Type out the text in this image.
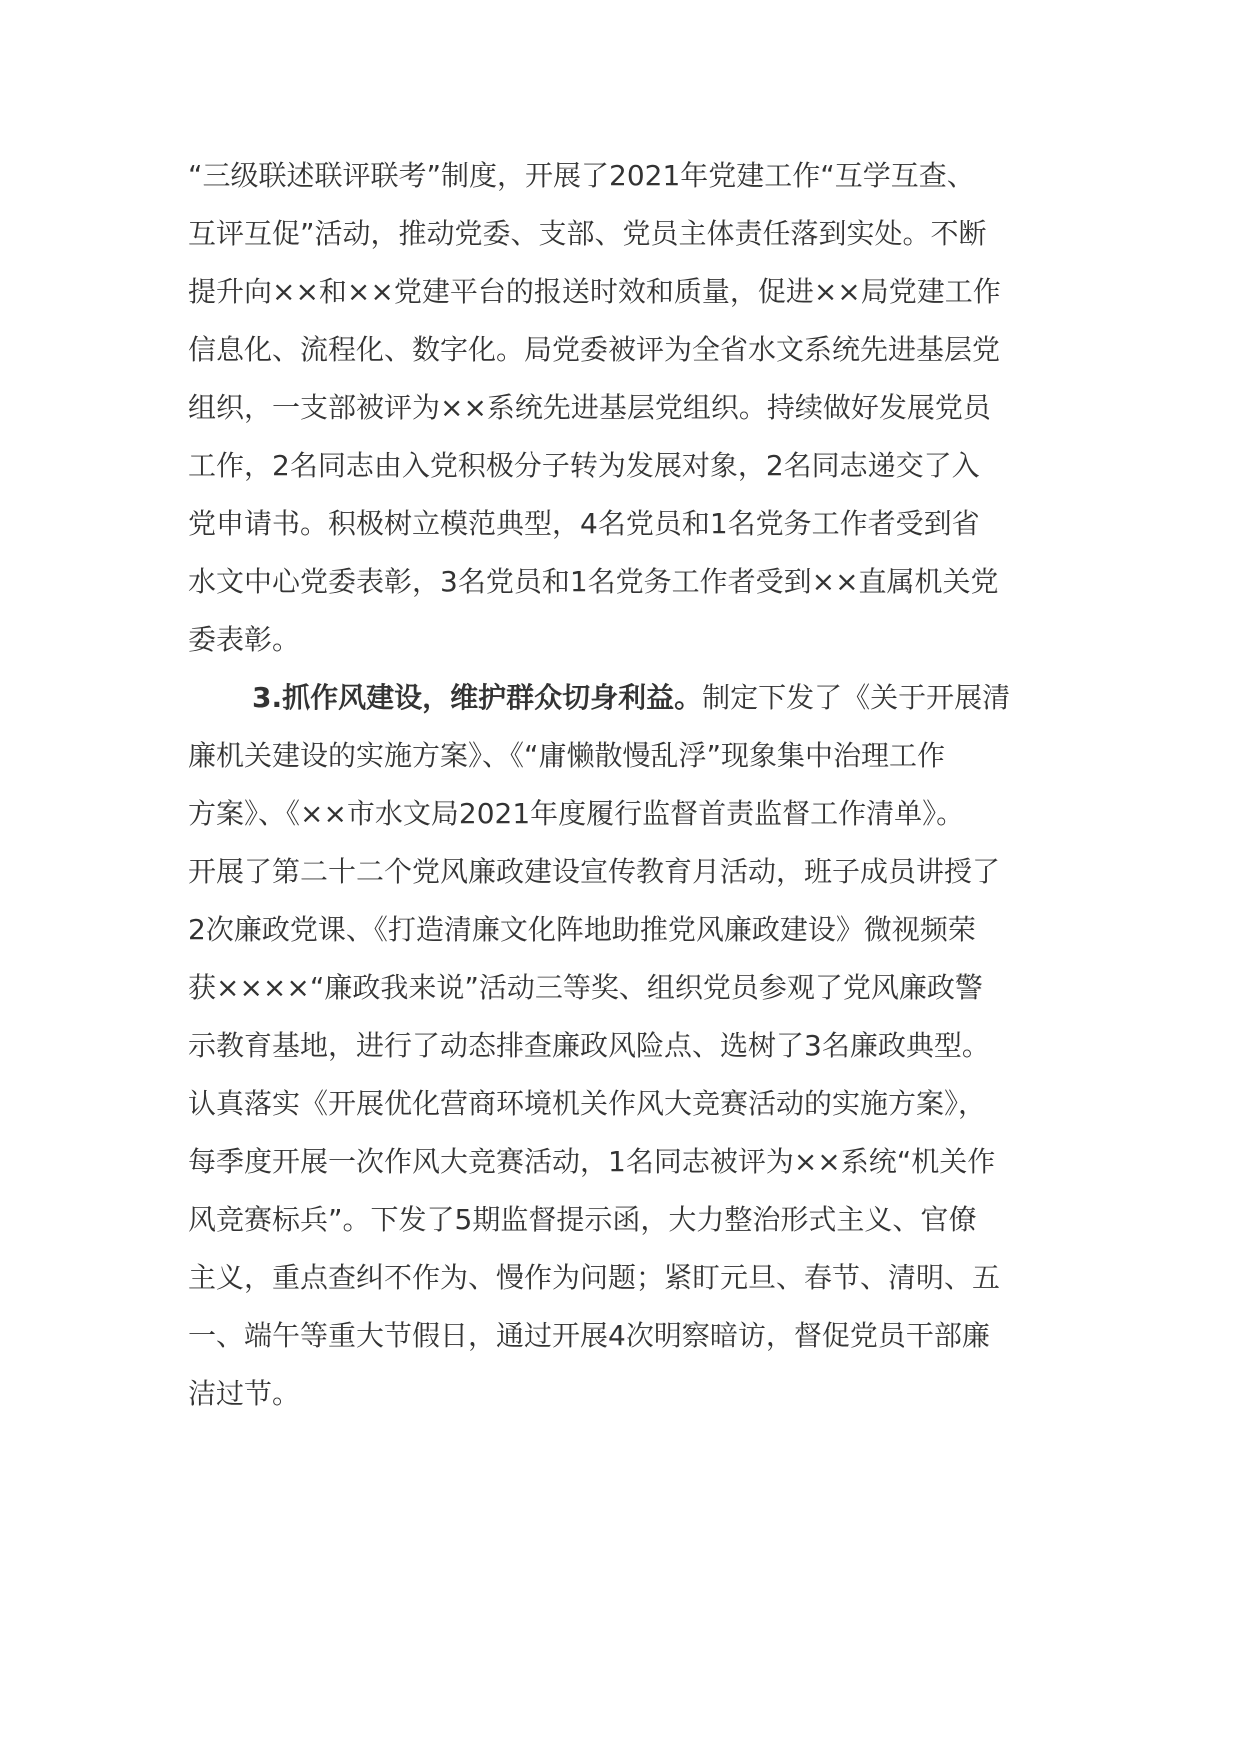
“三级联述联评联考”制度，开展了2021年党建工作“互学互查、
互评互促”活动，推动党委、支部、党员主体责任落到实处。不断
提升向××和××党建平台的报送时效和质量，促进××局党建工作
信息化、流程化、数字化。局党委被评为全省水文系统先进基层党
组织，一支部被评为××系统先进基层党组织。持续做好发展党员
工作，2名同志由入党积极分子转为发展对象，2名同志递交了入
党申请书。积极树立模范典型，4名党员和1名党务工作者受到省
水文中心党委表彰，3名党员和1名党务工作者受到××直属机关党
委表彰。
3.抓作风建设，维护群众切身利益。制定下发了《关于开展清
廉机关建设的实施方案》、《“庸懒散慢乱浮”现象集中治理工作
方案》、《××市水文局2021年度履行监督首责监督工作清单》。
开展了第二十二个党风廉政建设宣传教育月活动，班子成员讲授了
2次廉政党课、《打造清廉文化阵地助推党风廉政建设》微视频荣
获××××“廉政我来说”活动三等奖、组织党员参观了党风廉政警
示教育基地，进行了动态排查廉政风险点、选树了3名廉政典型。
认真落实《开展优化营商环境机关作风大竞赛活动的实施方案》，
每季度开展一次作风大竞赛活动，1名同志被评为××系统“机关作
风竞赛标兵”。下发了5期监督提示函，大力整治形式主义、官僚
主义，重点查纠不作为、慢作为问题；紧盯元旦、春节、清明、五
一、端午等重大节假日，通过开展4次明察暗访，督促党员干部廉
洁过节。
